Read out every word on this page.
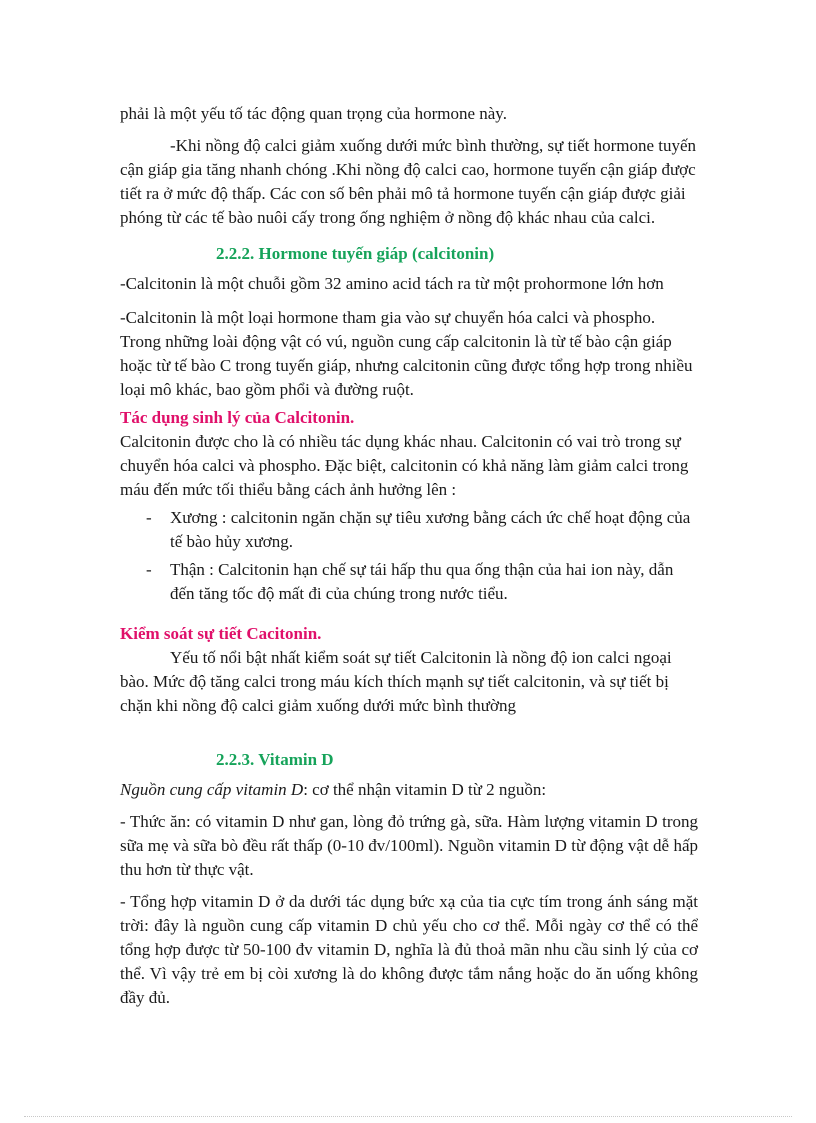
phải là một yếu tố tác động quan trọng của hormone này.

-Khi nồng độ calci giảm xuống dưới mức bình thường, sự tiết hormone tuyến cận giáp gia tăng nhanh chóng .Khi nồng độ calci cao, hormone tuyến cận giáp được tiết ra ở mức độ thấp. Các con số bên phải mô tả hormone tuyến cận giáp được giải phóng từ các tế bào nuôi cấy trong ống nghiệm ở nồng độ khác nhau của calci.

2.2.2. Hormone tuyến giáp (calcitonin)

-Calcitonin là một chuỗi gồm 32 amino acid tách ra từ một prohormone lớn hơn

-Calcitonin là một loại hormone tham gia vào sự chuyển hóa calci và phospho. Trong những loài động vật có vú, nguồn cung cấp calcitonin là từ tế bào cận giáp hoặc từ tế bào C trong tuyến giáp, nhưng calcitonin cũng được tổng hợp trong nhiều loại mô khác, bao gồm phổi và đường ruột.

Tác dụng sinh lý của Calcitonin.

Calcitonin được cho là có nhiều tác dụng khác nhau. Calcitonin có vai trò trong sự chuyển hóa calci và phospho. Đặc biệt, calcitonin có khả năng làm giảm calci trong máu đến mức tối thiểu bằng cách ảnh hưởng lên :

- Xương : calcitonin ngăn chặn sự tiêu xương bằng cách ức chế hoạt động của tế bào hủy xương.
- Thận : Calcitonin hạn chế sự tái hấp thu qua ống thận của hai ion này, dẫn đến tăng tốc độ mất đi của chúng trong nước tiểu.
Kiểm soát sự tiết Cacitonin.

Yếu tố nổi bật nhất kiểm soát sự tiết Calcitonin là nồng độ ion calci ngoại bào. Mức độ tăng calci trong máu kích thích mạnh sự tiết calcitonin, và sự tiết bị chặn khi nồng độ calci giảm xuống dưới mức bình thường

2.2.3. Vitamin D

Nguồn cung cấp vitamin D: cơ thể nhận vitamin D từ 2 nguồn:

- Thức ăn: có vitamin D như gan, lòng đỏ trứng gà, sữa. Hàm lượng vitamin D trong sữa mẹ và sữa bò đều rất thấp (0-10 đv/100ml). Nguồn vitamin D từ động vật dễ hấp thu hơn từ thực vật.

- Tổng hợp vitamin D ở da dưới tác dụng bức xạ của tia cực tím trong ánh sáng mặt trời: đây là nguồn cung cấp vitamin D chủ yếu cho cơ thể. Mỗi ngày cơ thể có thể tổng hợp được từ 50-100 đv vitamin D, nghĩa là đủ thoả mãn nhu cầu sinh lý của cơ thể. Vì vậy trẻ em bị còi xương là do không được tắm nắng hoặc do ăn uống không đầy đủ.
